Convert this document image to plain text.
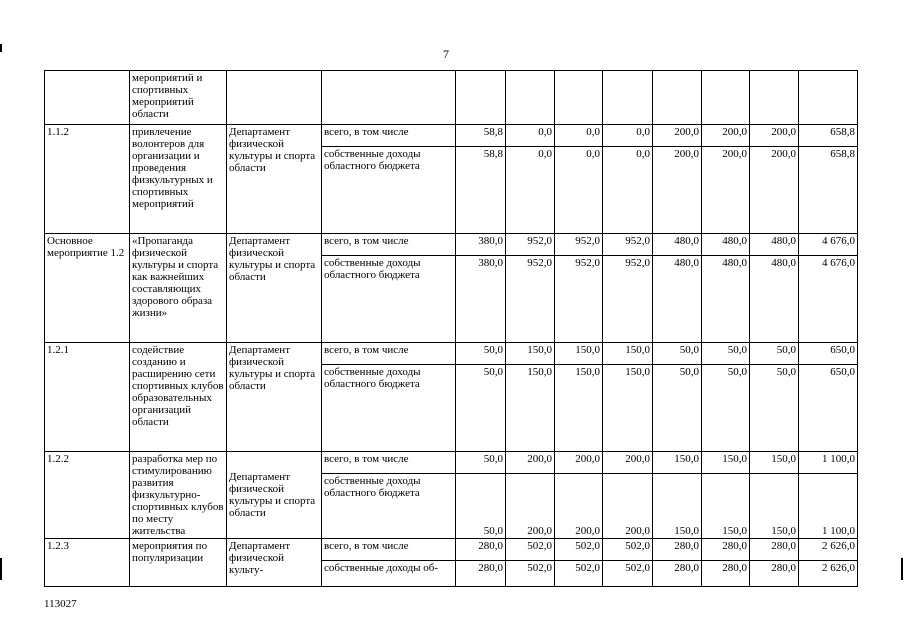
7
	мероприятий и спортивных мероприятий области										
1.1.2	привлечение волонтеров для организации и проведения физкультурных и спортивных мероприятий	Департамент физической культуры и спорта области	всего, в том числе	58,8	0,0	0,0	0,0	200,0	200,0	200,0	658,8
			собственные доходы областного бюджета	58,8	0,0	0,0	0,0	200,0	200,0	200,0	658,8
Основное мероприятие 1.2	«Пропаганда физической культуры и спорта как важнейших составляющих здорового образа жизни»	Департамент физической культуры и спорта области	всего, в том числе	380,0	952,0	952,0	952,0	480,0	480,0	480,0	4 676,0
			собственные доходы областного бюджета	380,0	952,0	952,0	952,0	480,0	480,0	480,0	4 676,0
1.2.1	содействие созданию и расширению сети спортивных клубов образовательных организаций области	Департамент физической культуры и спорта области	всего, в том числе	50,0	150,0	150,0	150,0	50,0	50,0	50,0	650,0
			собственные доходы областного бюджета	50,0	150,0	150,0	150,0	50,0	50,0	50,0	650,0
1.2.2	разработка мер по стимулированию развития физкультурно-спортивных клубов по месту жительства	Департамент физической культуры и спорта области	всего, в том числе	50,0	200,0	200,0	200,0	150,0	150,0	150,0	1 100,0
			собственные доходы областного бюджета	50,0	200,0	200,0	200,0	150,0	150,0	150,0	1 100,0
1.2.3	мероприятия по популяризации	Департамент физической культу-	всего, в том числе	280,0	502,0	502,0	502,0	280,0	280,0	280,0	2 626,0
			собственные доходы об-	280,0	502,0	502,0	502,0	280,0	280,0	280,0	2 626,0
113027
